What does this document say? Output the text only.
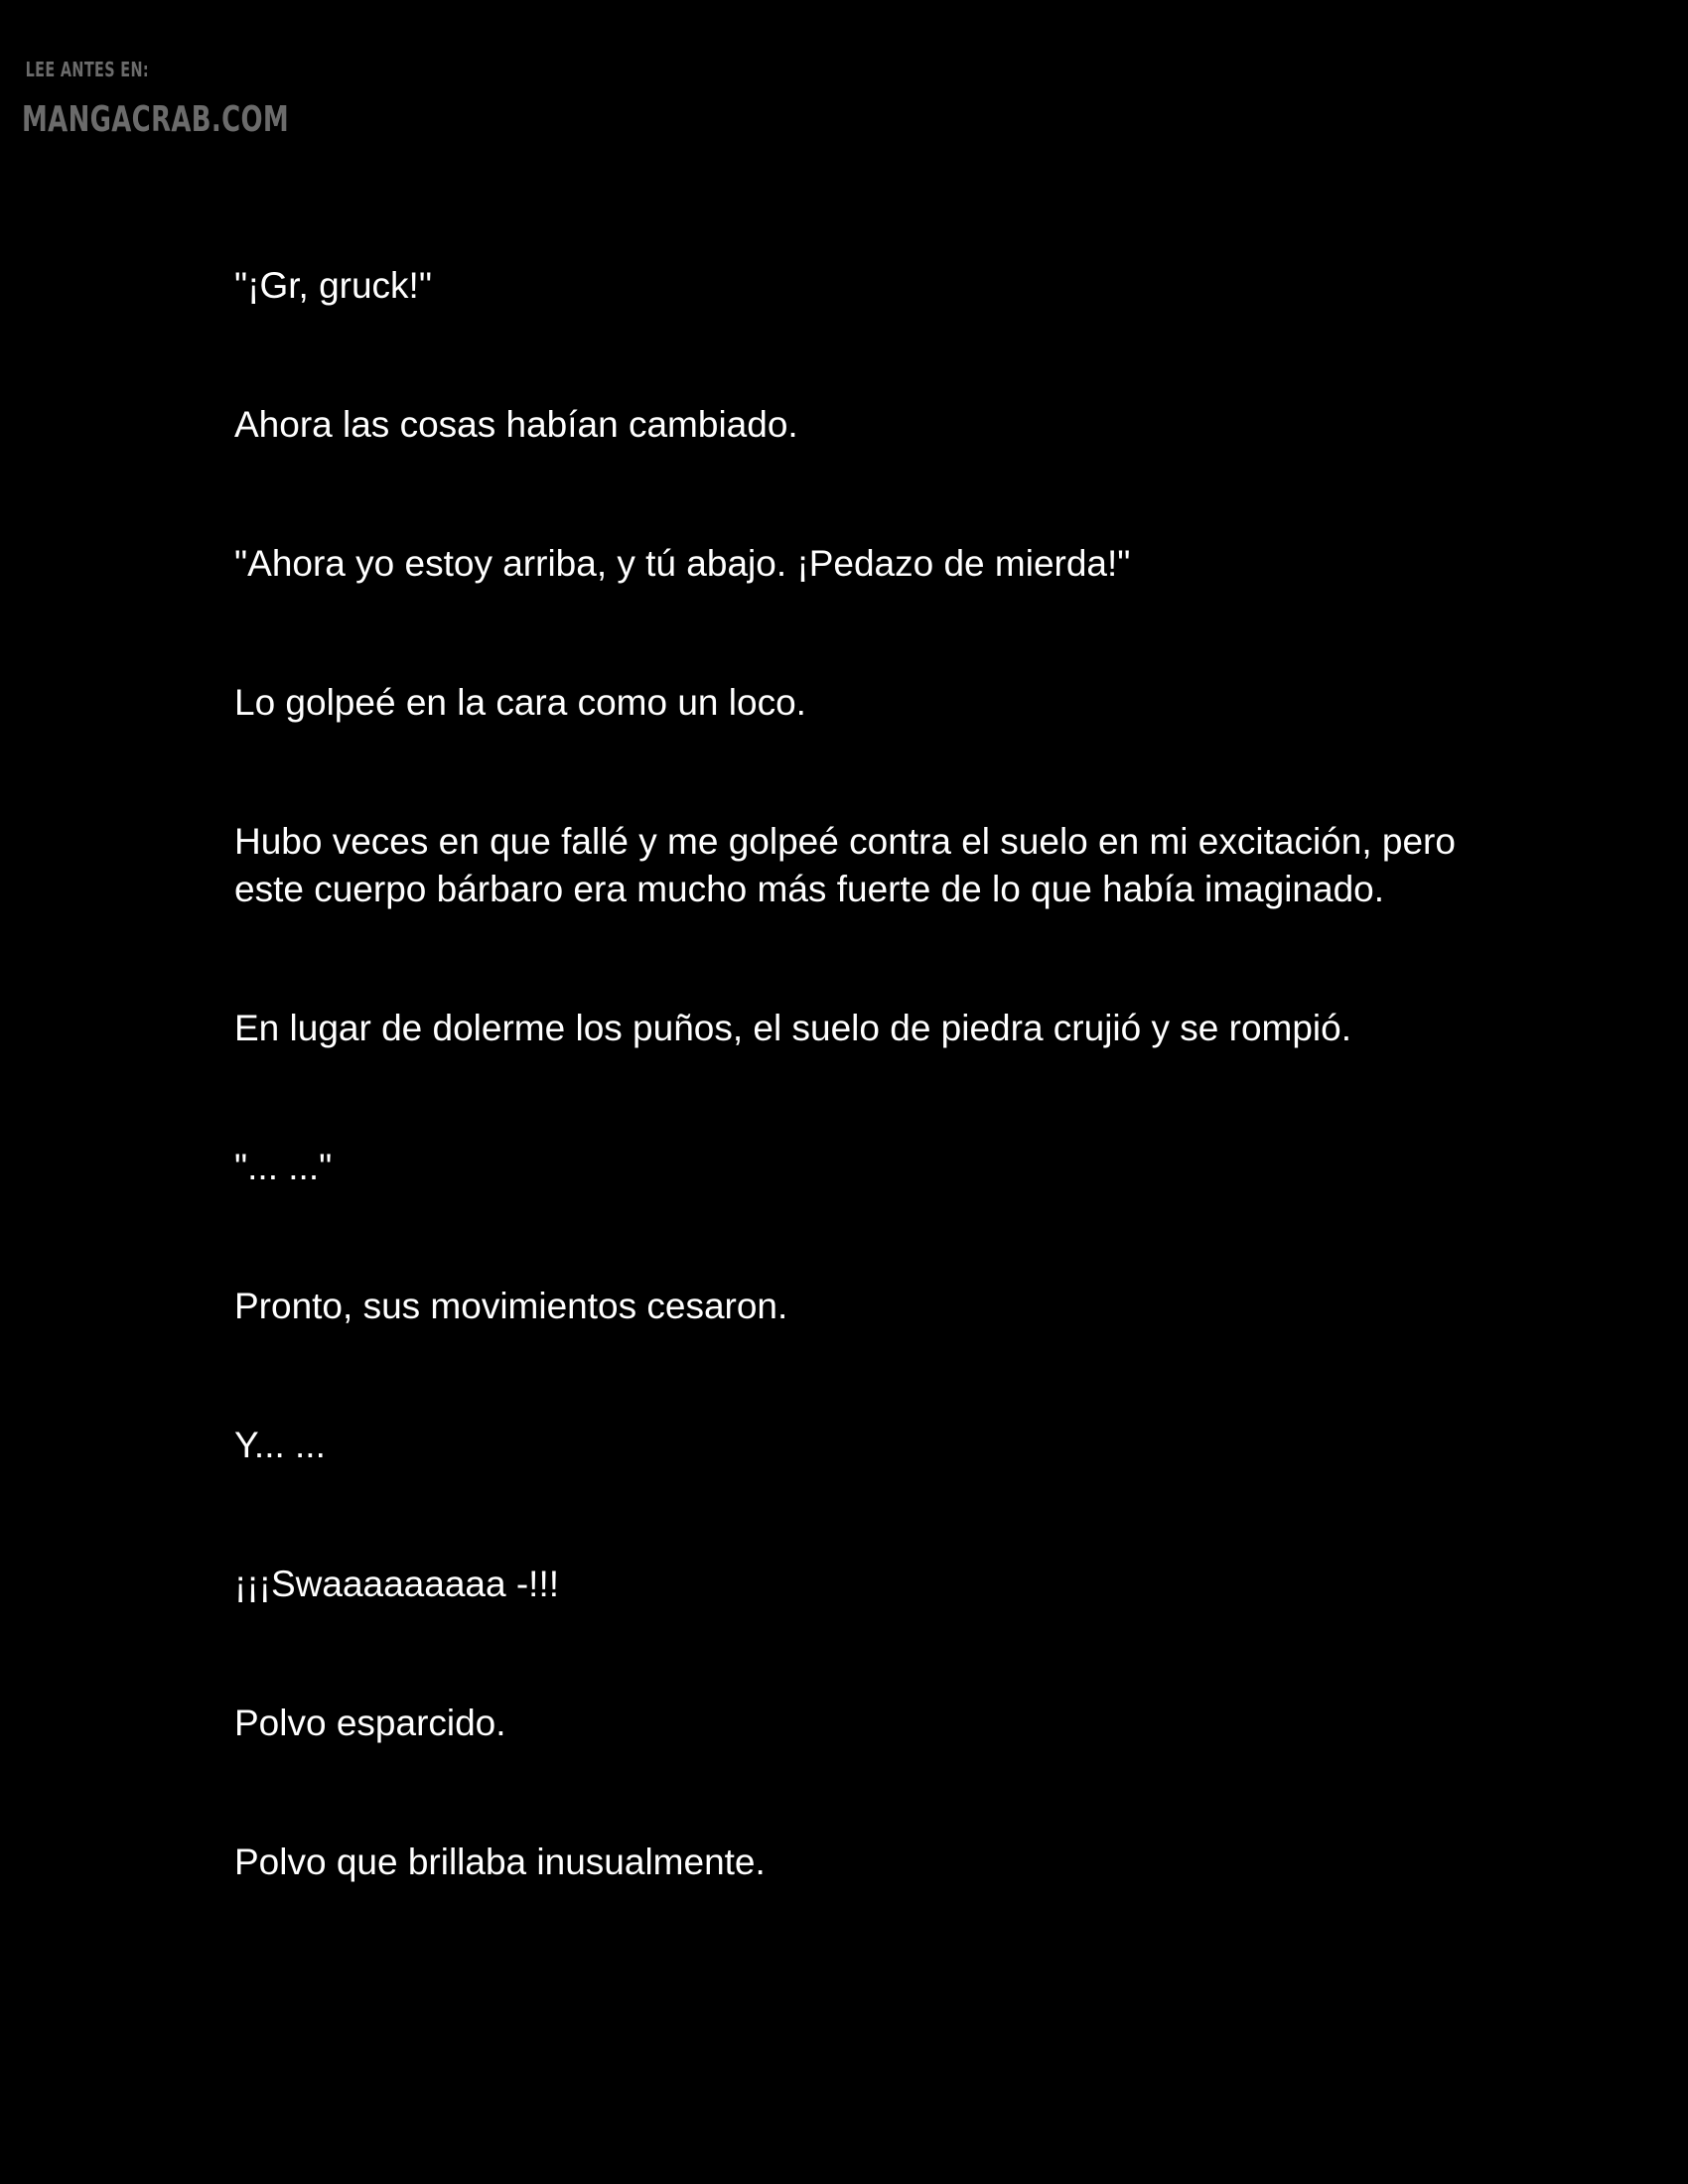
LEE ANTES EN:
MANGACRAB.COM

"¡Gr, gruck!"

Ahora las cosas habían cambiado.

"Ahora yo estoy arriba, y tú abajo. ¡Pedazo de mierda!"

Lo golpeé en la cara como un loco.

Hubo veces en que fallé y me golpeé contra el suelo en mi excitación, pero este cuerpo bárbaro era mucho más fuerte de lo que había imaginado.

En lugar de dolerme los puños, el suelo de piedra crujió y se rompió.

"... ..."

Pronto, sus movimientos cesaron.

Y... ...

¡¡¡Swaaaaaaaaa -!!!

Polvo esparcido.

Polvo que brillaba inusualmente.
